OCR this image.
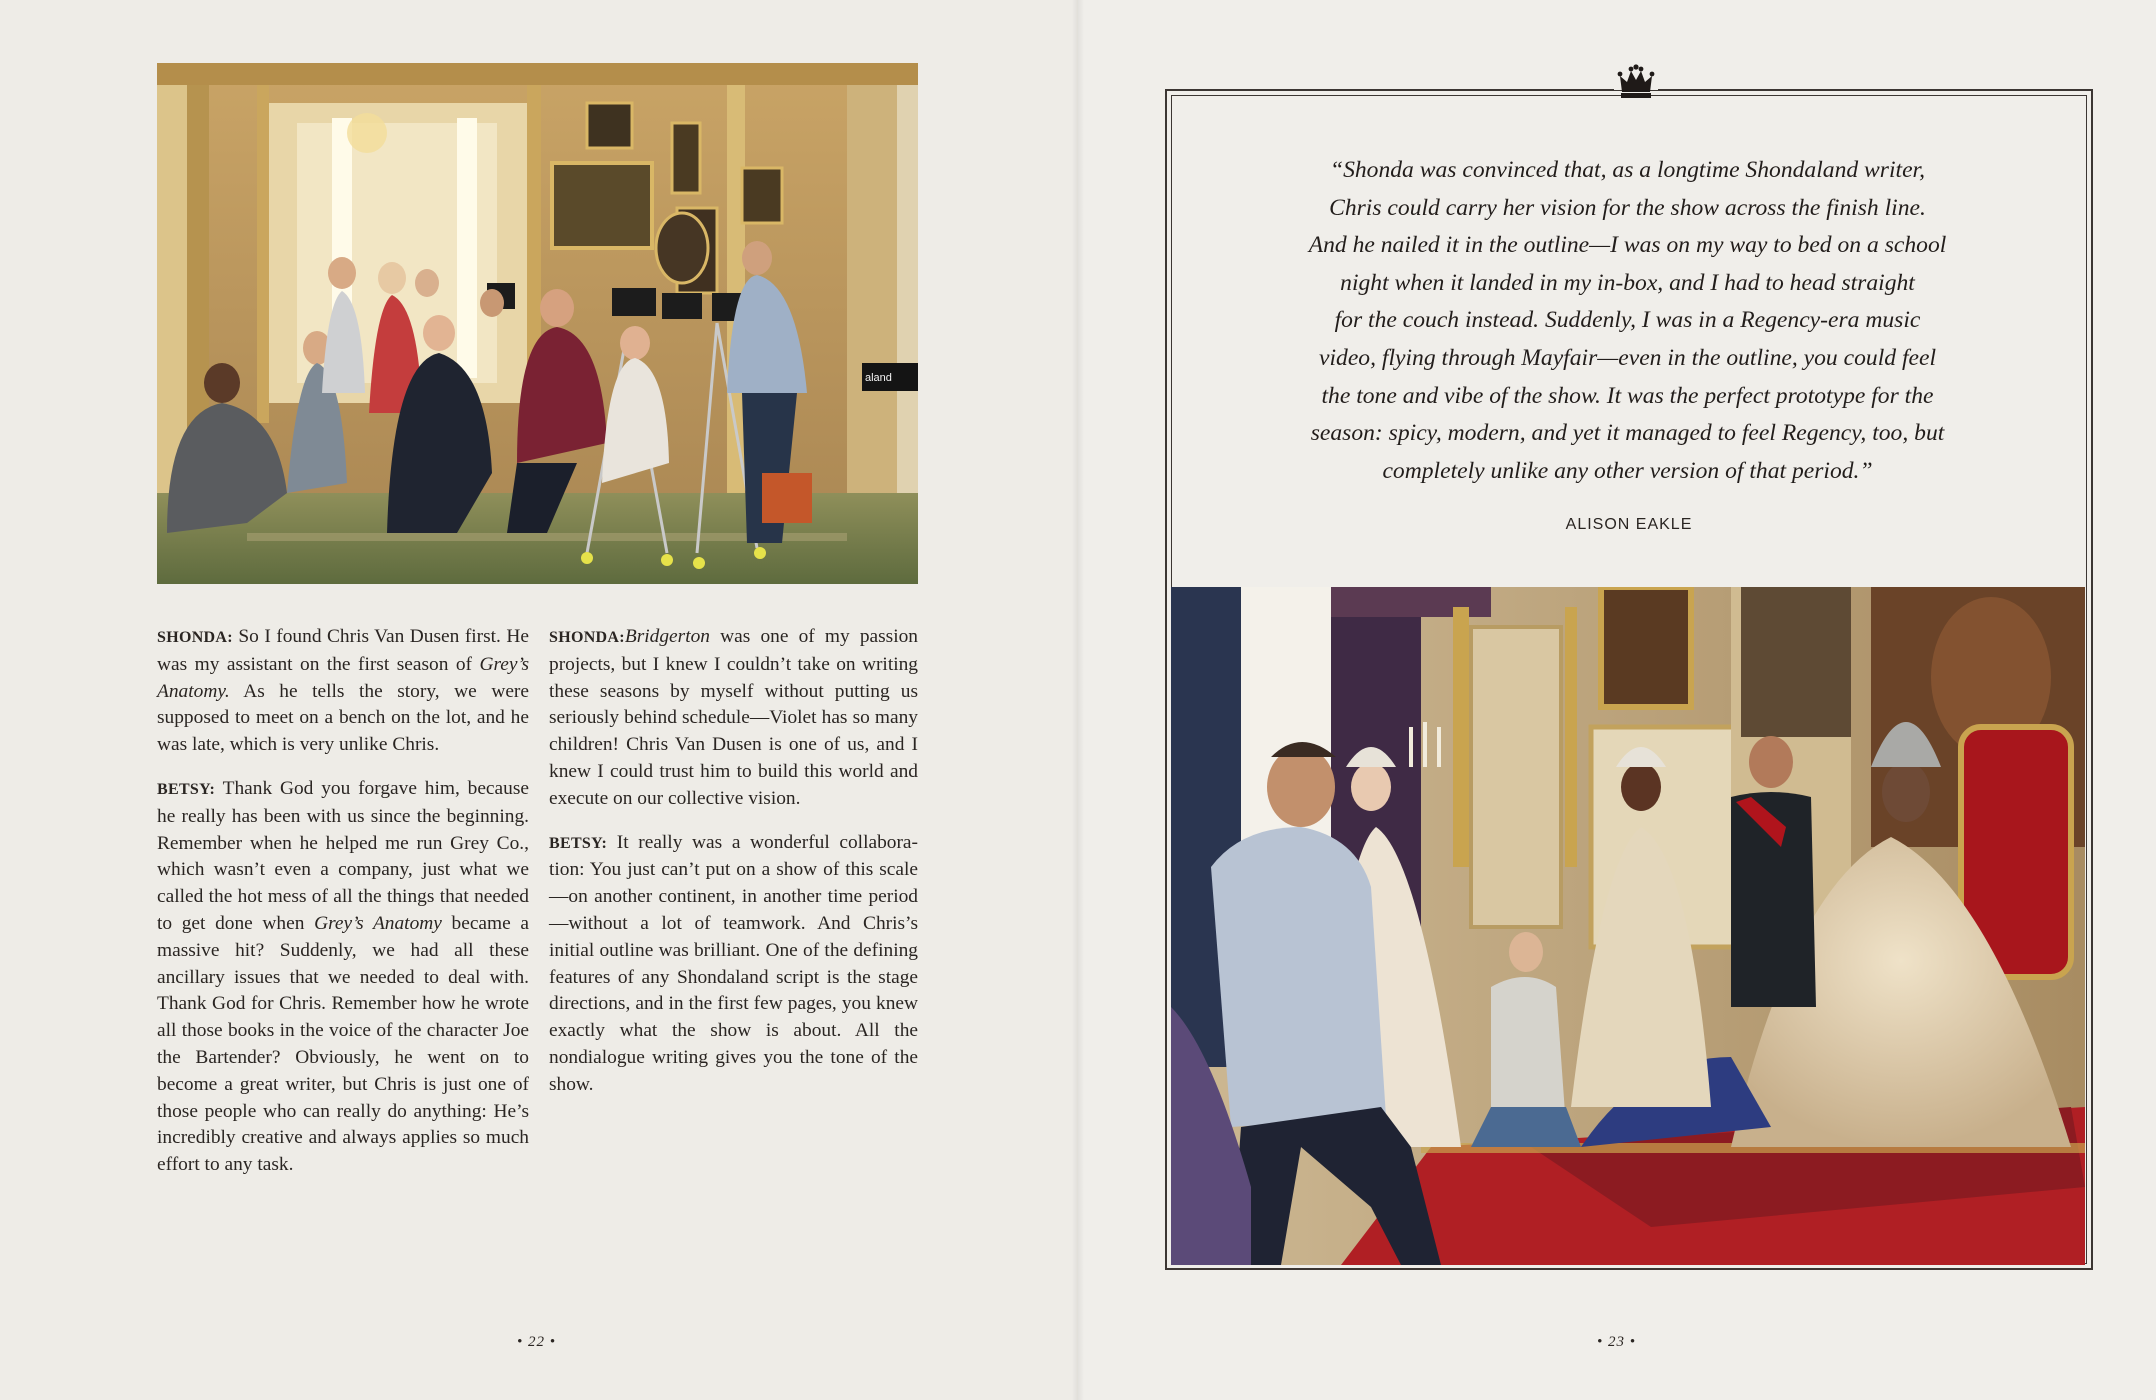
aland

SHONDA: So I found Chris Van Dusen first. He was my assistant on the first season of Grey’s Anatomy. As he tells the story, we were supposed to meet on a bench on the lot, and he was late, which is very unlike Chris.

BETSY: Thank God you forgave him, because he really has been with us since the beginning. Remember when he helped me run Grey Co., which wasn’t even a company, just what we called the hot mess of all the things that needed to get done when Grey’s Anatomy became a massive hit? Suddenly, we had all these ancillary issues that we needed to deal with. Thank God for Chris. Remember how he wrote all those books in the voice of the character Joe the Bartender? Obviously, he went on to become a great writer, but Chris is just one of those people who can really do anything: He’s incredibly creative and always applies so much effort to any task.

SHONDA:Bridgerton was one of my passion projects, but I knew I couldn’t take on writing these seasons by myself without putting us seriously behind schedule—Violet has so many children! Chris Van Dusen is one of us, and I knew I could trust him to build this world and execute on our collective vision.

BETSY: It really was a wonderful collaboration: You just can’t put on a show of this scale—on another continent, in another time period—without a lot of teamwork. And Chris’s initial outline was brilliant. One of the defining features of any Shondaland script is the stage directions, and in the first few pages, you knew exactly what the show is about. All the nondialogue writing gives you the tone of the show.

• 22 •
“Shonda was convinced that, as a longtime Shondaland writer,
Chris could carry her vision for the show across the finish line.
And he nailed it in the outline—I was on my way to bed on a school
night when it landed in my in-box, and I had to head straight
for the couch instead. Suddenly, I was in a Regency-era music
video, flying through Mayfair—even in the outline, you could feel
the tone and vibe of the show. It was the perfect prototype for the
season: spicy, modern, and yet it managed to feel Regency, too, but
completely unlike any other version of that period.”
ALISON EAKLE
• 23 •
